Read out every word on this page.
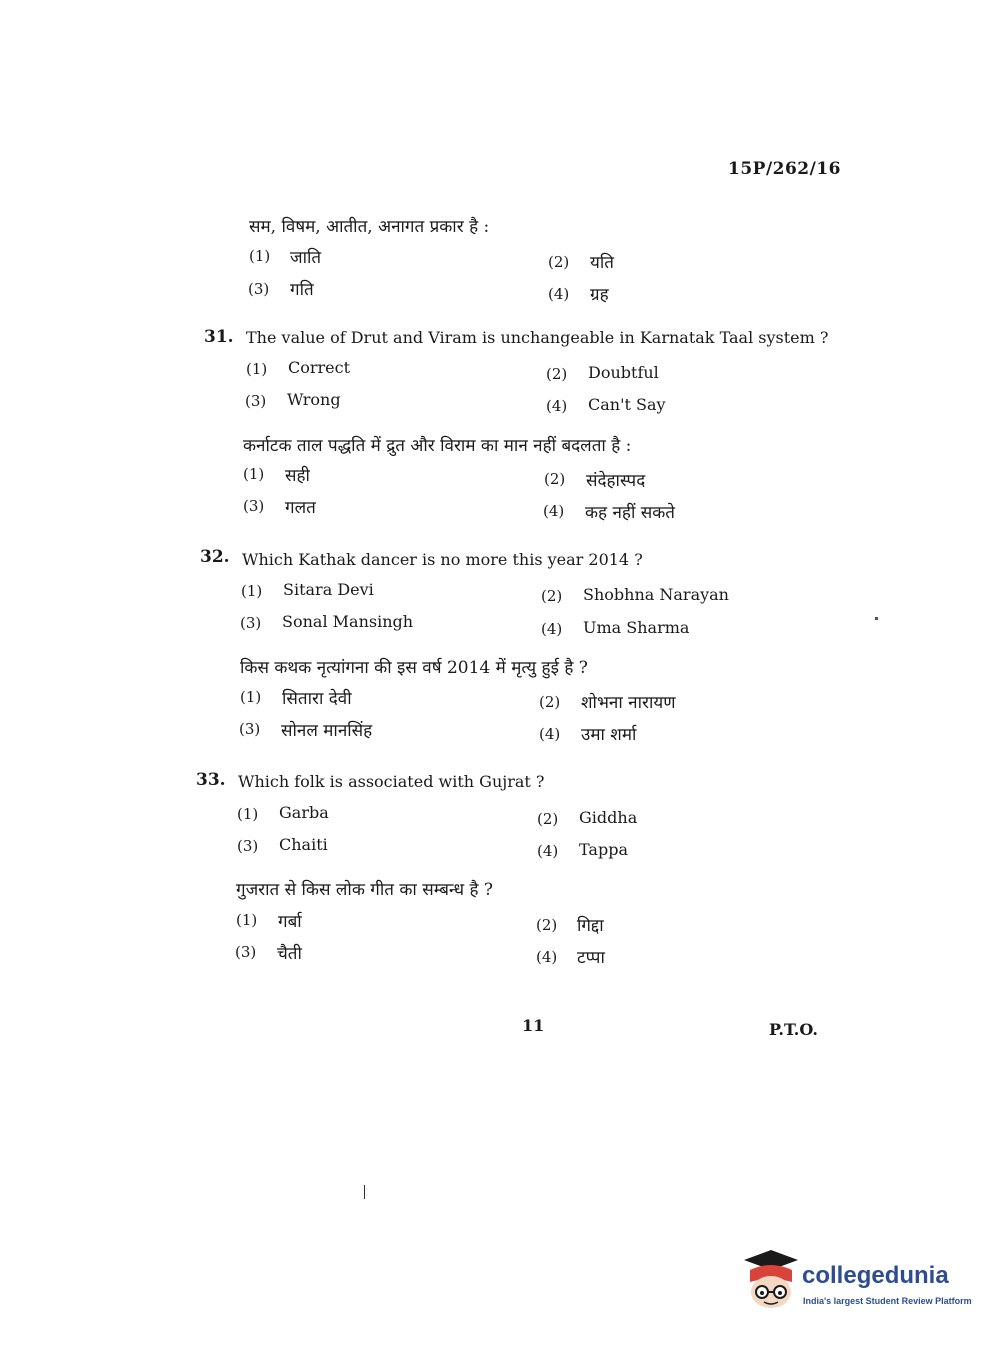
15P/262/16
सम, विषम, आतीत, अनागत प्रकार है :
(1) जाति	(2) यति
(3) गति	(4) ग्रह
31. The value of Drut and Viram is unchangeable in Karnatak Taal system ?
(1) Correct	(2) Doubtful
(3) Wrong	(4) Can't Say
कर्नाटक ताल पद्धति में द्रुत और विराम का मान नहीं बदलता है :
(1) सही	(2) संदेहास्पद
(3) गलत	(4) कह नहीं सकते
32. Which Kathak dancer is no more this year 2014 ?
(1) Sitara Devi	(2) Shobhna Narayan
(3) Sonal Mansingh	(4) Uma Sharma
किस कथक नृत्यांगना की इस वर्ष 2014 में मृत्यु हुई है ?
(1) सितारा देवी	(2) शोभना नारायण
(3) सोनल मानसिंह	(4) उमा शर्मा
33. Which folk is associated with Gujrat ?
(1) Garba	(2) Giddha
(3) Chaiti	(4) Tappa
गुजरात से किस लोक गीत का सम्बन्ध है ?
(1) गर्बा	(2) गिद्दा
(3) चैती	(4) टप्पा
11	P.T.O.
collegedunia
India's largest Student Review Platform
